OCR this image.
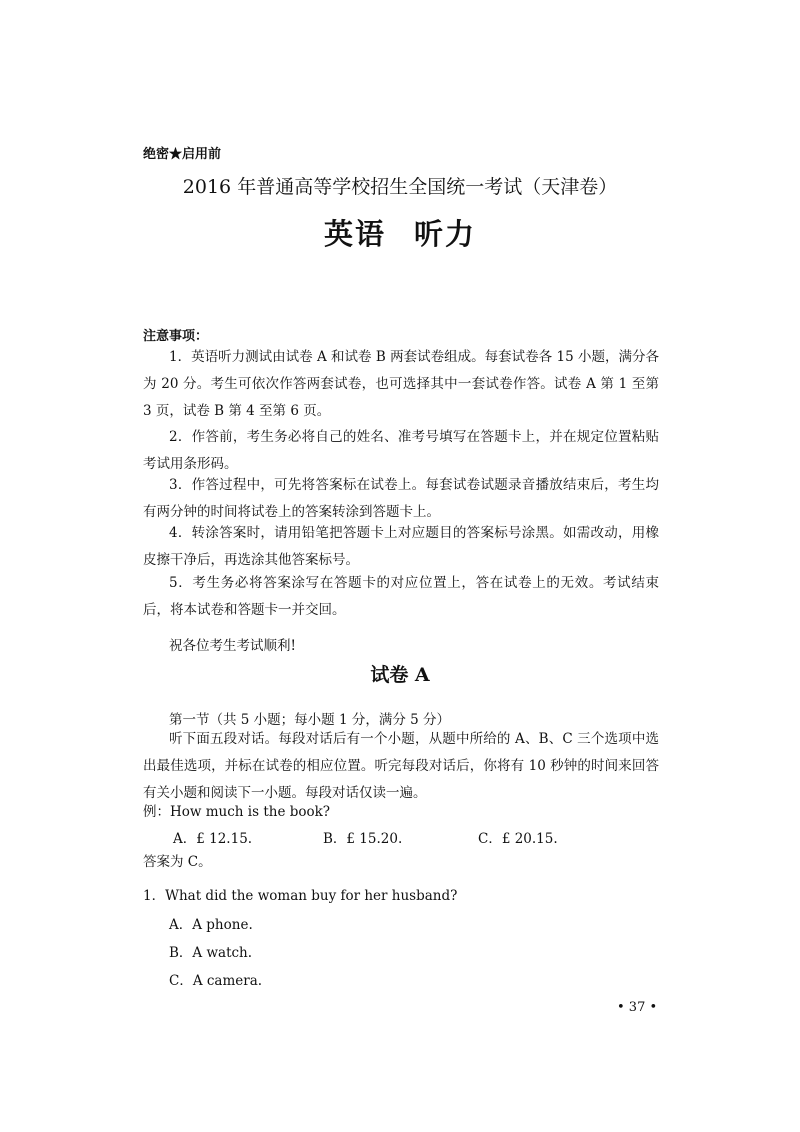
绝密★启用前
2016 年普通高等学校招生全国统一考试（天津卷）
英语 听力
注意事项：
1．英语听力测试由试卷 A 和试卷 B 两套试卷组成。每套试卷各 15 小题，满分各为 20 分。考生可依次作答两套试卷，也可选择其中一套试卷作答。试卷 A 第 1 至第 3 页，试卷 B 第 4 至第 6 页。
2．作答前，考生务必将自己的姓名、准考号填写在答题卡上，并在规定位置粘贴考试用条形码。
3．作答过程中，可先将答案标在试卷上。每套试卷试题录音播放结束后，考生均有两分钟的时间将试卷上的答案转涂到答题卡上。
4．转涂答案时，请用铅笔把答题卡上对应题目的答案标号涂黑。如需改动，用橡皮擦干净后，再选涂其他答案标号。
5．考生务必将答案涂写在答题卡的对应位置上，答在试卷上的无效。考试结束后，将本试卷和答题卡一并交回。
祝各位考生考试顺利!
试卷 A
第一节（共 5 小题；每小题 1 分，满分 5 分）
听下面五段对话。每段对话后有一个小题，从题中所给的 A、B、C 三个选项中选出最佳选项，并标在试卷的相应位置。听完每段对话后，你将有 10 秒钟的时间来回答有关小题和阅读下一小题。每段对话仅读一遍。
例：How much is the book?
A．£ 12.15.	B．£ 15.20.	C．£ 20.15.
答案为 C。
1．What did the woman buy for her husband?
A．A phone.
B．A watch.
C．A camera.
• 37 •
